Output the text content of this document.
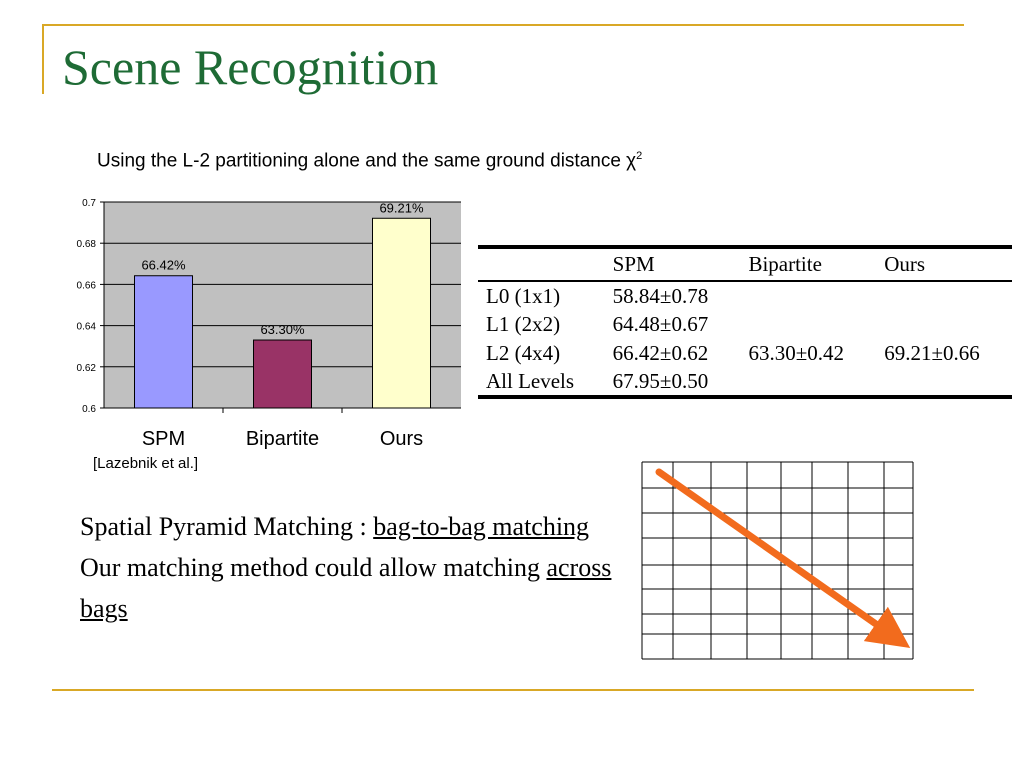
Scene Recognition
Using the L-2 partitioning alone and the same ground distance $\chi^2$
0.6
0.62
0.64
0.66
0.68
0.7
66.42%
SPM
63.30%
Bipartite
69.21%
Ours
[Lazebnik et al.]
	SPM	Bipartite	Ours
L0 (1x1)	58.84±0.78		
L1 (2x2)	64.48±0.67		
L2 (4x4)	66.42±0.62	63.30±0.42	69.21±0.66
All Levels	67.95±0.50		
Spatial Pyramid Matching : bag-to-bag matching
Our matching method could allow matching across bags
